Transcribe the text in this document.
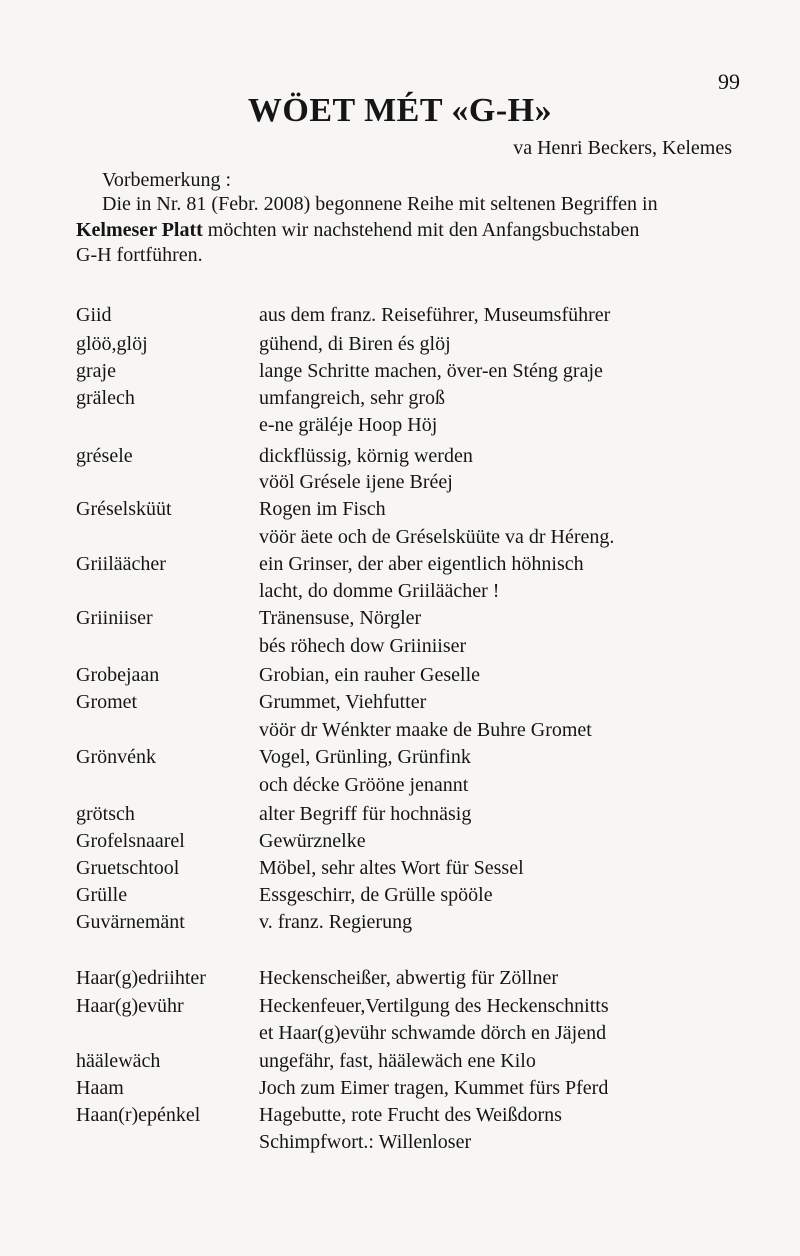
99
WÖET MÉT «G-H»
va Henri Beckers, Kelemes
Vorbemerkung :
Die in Nr. 81 (Febr. 2008) begonnene Reihe mit seltenen Begriffen in
Kelmeser Platt möchten wir nachstehend mit den Anfangsbuchstaben
G-H fortführen.
Giid	aus dem franz. Reiseführer, Museumsführer
glöö,glöj	gühend, di Biren és glöj
graje	lange Schritte machen, över-en Sténg graje
grälech	umfangreich, sehr groß
e-ne gräléje Hoop Höj
grésele	dickflüssig, körnig werden
vööl Grésele ijene Bréej
Gréselsküüt	Rogen im Fisch
vöör äete och de Gréselsküüte va dr Héreng.
Griiläächer	ein Grinser, der aber eigentlich höhnisch
lacht, do domme Griiläächer !
Griiniiser	Tränensuse, Nörgler
bés röhech dow Griiniiser
Grobejaan	Grobian, ein rauher Geselle
Gromet	Grummet, Viehfutter
vöör dr Wénkter maake de Buhre Gromet
Grönvénk	Vogel, Grünling, Grünfink
och décke Grööne jenannt
grötsch	alter Begriff für hochnäsig
Grofelsnaarel	Gewürznelke
Gruetschtool	Möbel, sehr altes Wort für Sessel
Grülle	Essgeschirr, de Grülle spööle
Guvärnemänt	v. franz. Regierung
Haar(g)edriihter	Heckenscheißer, abwertig für Zöllner
Haar(g)evühr	Heckenfeuer,Vertilgung des Heckenschnitts
et Haar(g)evühr schwamde dörch en Jäjend
häälewäch	ungefähr, fast, häälewäch ene Kilo
Haam	Joch zum Eimer tragen, Kummet fürs Pferd
Haan(r)epénkel	Hagebutte, rote Frucht des Weißdorns
Schimpfwort.: Willenloser
